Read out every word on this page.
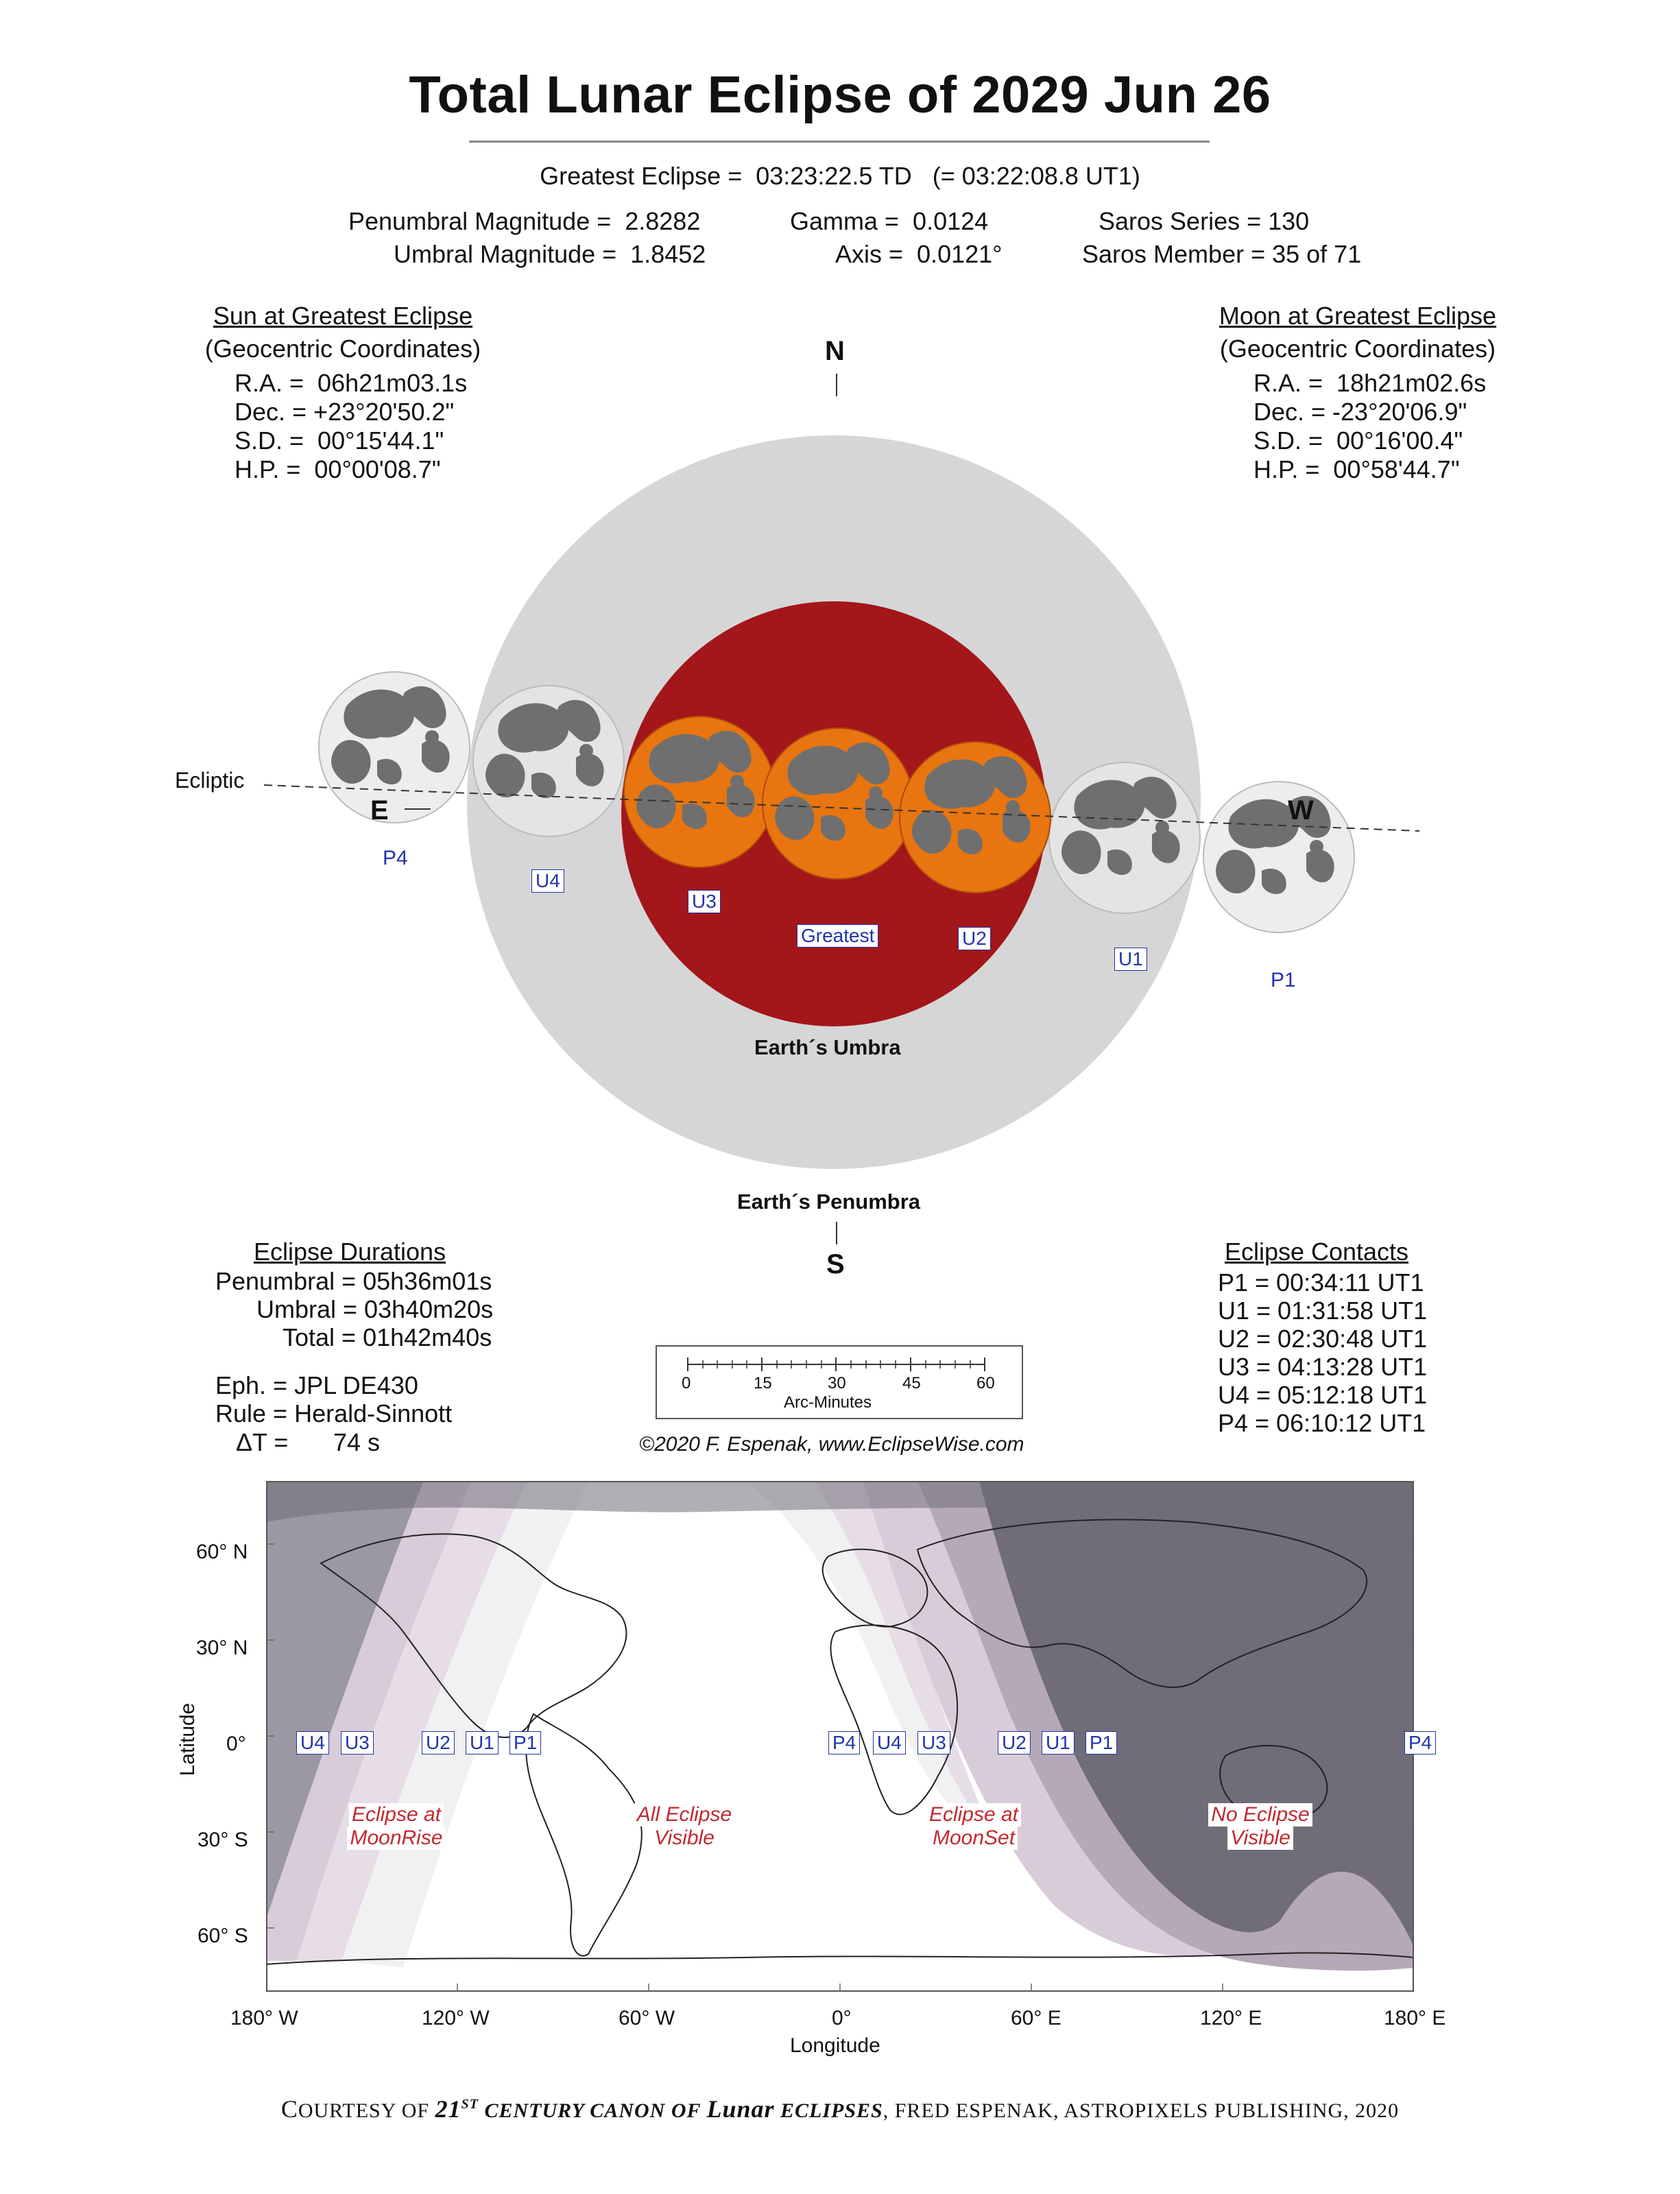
Total Lunar Eclipse of 2029 Jun 26
Greatest Eclipse =  03:23:22.5 TD   (= 03:22:08.8 UT1)
Penumbral Magnitude =  2.8282
Umbral Magnitude =  1.8452
Gamma =  0.0124
Axis =  0.0121°
Saros Series = 130
Saros Member = 35 of 71
Sun at Greatest Eclipse
(Geocentric Coordinates)
R.A. =  06h21m03.1s
Dec. = +23°20'50.2"
S.D. =  00°15'44.1"
H.P. =  00°00'08.7"
Moon at Greatest Eclipse
(Geocentric Coordinates)
R.A. =  18h21m02.6s
Dec. = -23°20'06.9"
S.D. =  00°16'00.4"
H.P. =  00°58'44.7"
N
S
E	W
Ecliptic
P4
U4
U3
Greatest	U2
U1
P1
Earth´s Umbra
Earth´s Penumbra
Eclipse Durations
Penumbral = 05h36m01s
Umbral = 03h40m20s
Total = 01h42m40s
Eph. = JPL DE430
Rule = Herald-Sinnott
ΔT = 74 s
0	15	30	45	60
Arc-Minutes
©2020 F. Espenak, www.EclipseWise.com
Eclipse Contacts
P1 = 00:34:11 UT1
U1 = 01:31:58 UT1
U2 = 02:30:48 UT1
U3 = 04:13:28 UT1
U4 = 05:12:18 UT1
P4 = 06:10:12 UT1
U4 U3	U2 U1 P1	P4 U4 U3	U2 U1 P1	P4
Eclipse at
MoonRise
All Eclipse
Visible
Eclipse at
MoonSet
No Eclipse
Visible
60° N
30° N
0°
30° S
60° S
Latitude
180° W	120° W	60° W	0°	60° E	120° E	180° E
Longitude
COURTESY OF 21ST CENTURY CANON OF Lunar ECLIPSES, FRED ESPENAK, ASTROPIXELS PUBLISHING, 2020
